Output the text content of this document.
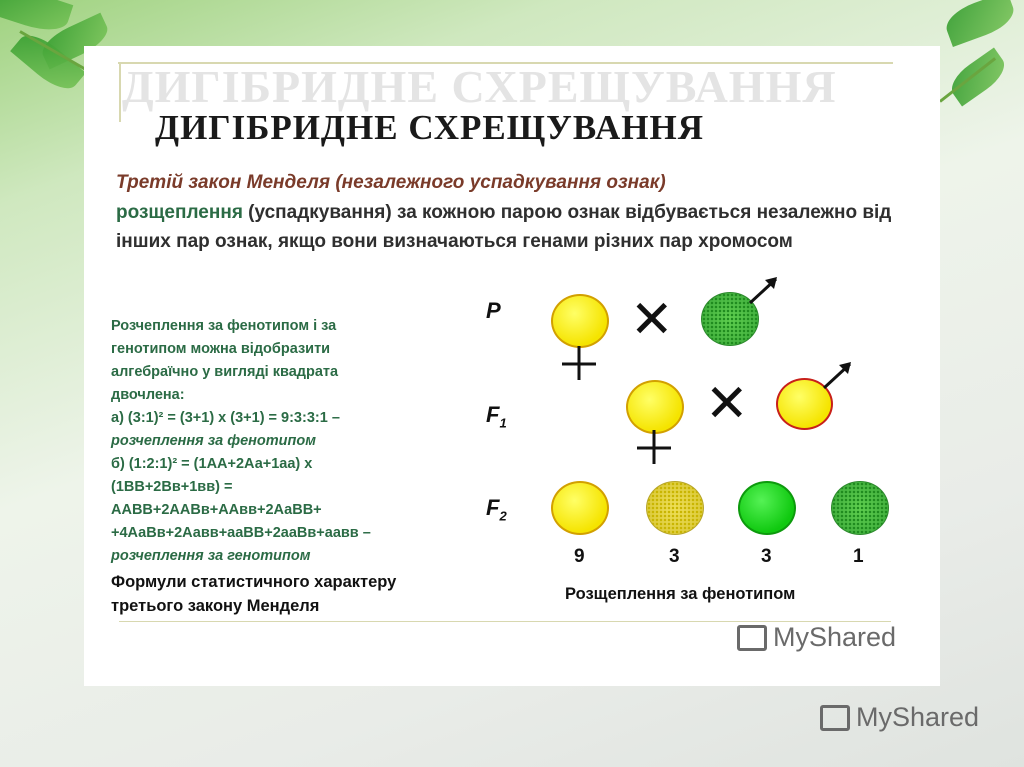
ДИГІБРИДНЕ СХРЕЩУВАННЯ
ДИГІБРИДНЕ СХРЕЩУВАННЯ
Третій закон Менделя (незалежного успадкування ознак)
розщеплення (успадкування) за кожною парою ознак відбувається незалежно від інших пар ознак, якщо вони визначаються генами різних пар хромосом
Розчеплення за фенотипом і за
генотипом можна відобразити
алгебраїчно у вигляді квадрата
двочлена:
а) (3:1)² = (3+1) х (3+1) = 9:3:3:1 –
розчеплення за фенотипом
б) (1:2:1)² = (1АА+2Аа+1аа) х
(1ВВ+2Вв+1вв) =
ААВВ+2ААВв+ААвв+2АаВВ+
+4АаВв+2Аавв+ааВВ+2ааВв+аавв –
розчеплення за генотипом
Формули статистичного характеру
третього закону Менделя
P
$F_1$
$F_2$
✕
✕
9	3	3	1
Розщеплення за фенотипом
MyShared
MyShared
